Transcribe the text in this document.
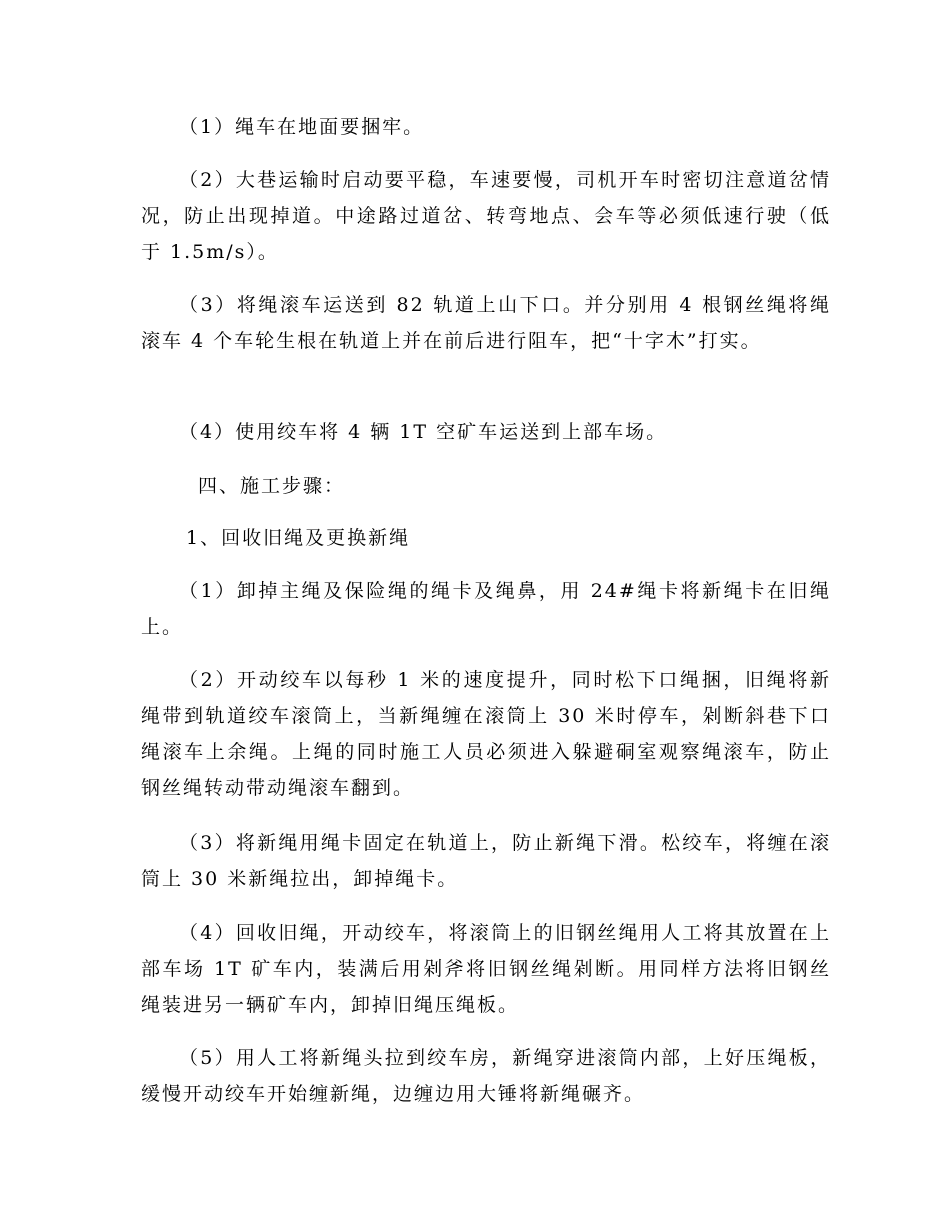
（1）绳车在地面要捆牢。

（2）大巷运输时启动要平稳，车速要慢，司机开车时密切注意道岔情况，防止出现掉道。中途路过道岔、转弯地点、会车等必须低速行驶（低于 1.5m/s）。

（3）将绳滚车运送到 82 轨道上山下口。并分别用 4 根钢丝绳将绳滚车 4 个车轮生根在轨道上并在前后进行阻车，把“十字木”打实。

（4）使用绞车将 4 辆 1T 空矿车运送到上部车场。

四、施工步骤：

1、回收旧绳及更换新绳

（1）卸掉主绳及保险绳的绳卡及绳鼻，用 24#绳卡将新绳卡在旧绳上。

（2）开动绞车以每秒 1 米的速度提升，同时松下口绳捆，旧绳将新绳带到轨道绞车滚筒上，当新绳缠在滚筒上 30 米时停车，剁断斜巷下口绳滚车上余绳。上绳的同时施工人员必须进入躲避硐室观察绳滚车，防止钢丝绳转动带动绳滚车翻到。

（3）将新绳用绳卡固定在轨道上，防止新绳下滑。松绞车，将缠在滚筒上 30 米新绳拉出，卸掉绳卡。

（4）回收旧绳，开动绞车，将滚筒上的旧钢丝绳用人工将其放置在上部车场 1T 矿车内，装满后用剁斧将旧钢丝绳剁断。用同样方法将旧钢丝绳装进另一辆矿车内，卸掉旧绳压绳板。

（5）用人工将新绳头拉到绞车房，新绳穿进滚筒内部，上好压绳板，缓慢开动绞车开始缠新绳，边缠边用大锤将新绳碾齐。
